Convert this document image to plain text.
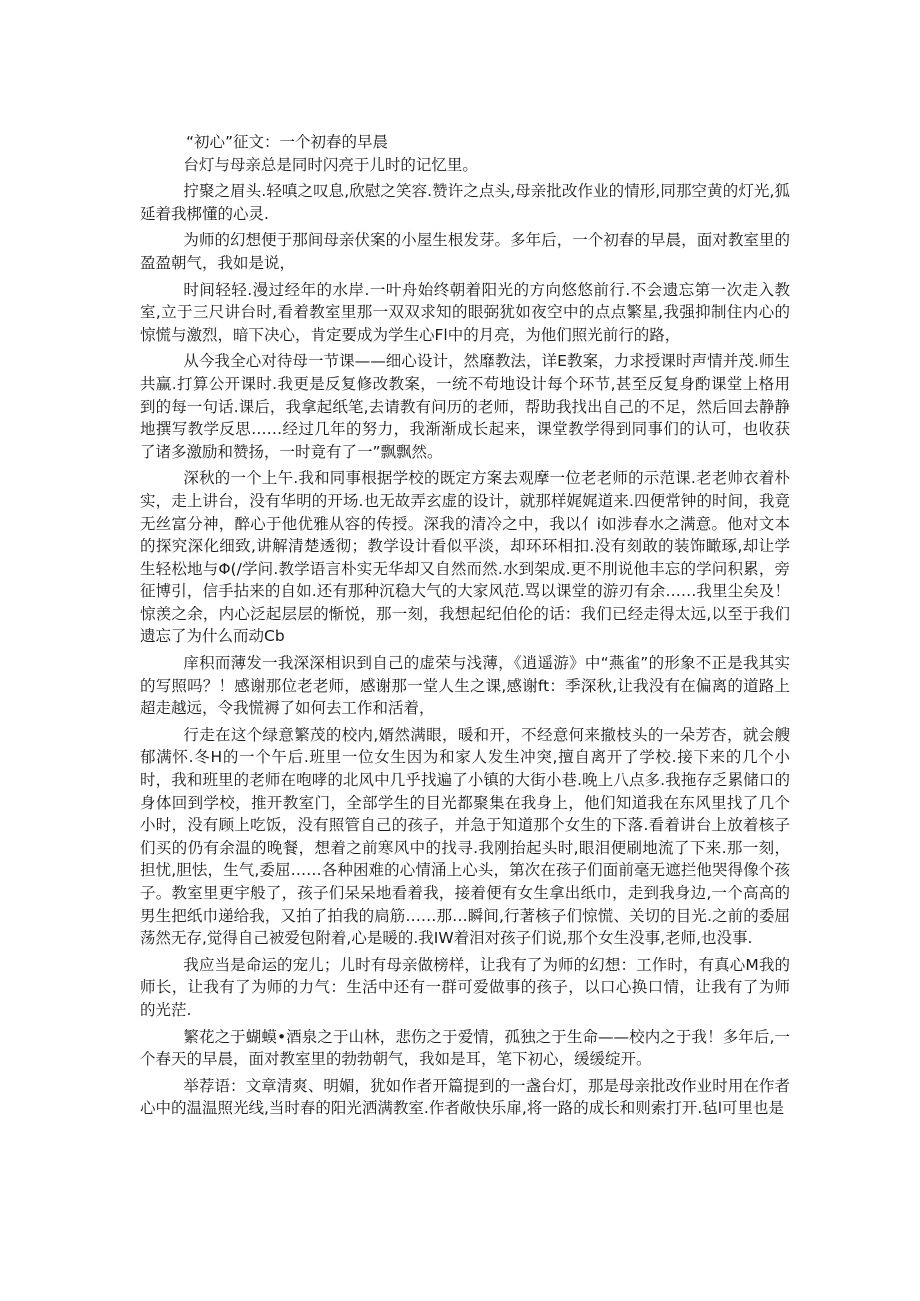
“初心”征文：一个初春的早晨

台灯与母亲总是同时闪亮于儿时的记忆里。

拧聚之眉头.轻嗔之叹息,欣慰之笑容.赞许之点头,母亲批改作业的情形,同那空黄的灯光,狐延着我梆懂的心灵.

为师的幻想便于那间母亲伏案的小屋生根发芽。多年后，一个初春的早晨，面对教室里的盈盈朝气，我如是说，

时间轻轻.漫过经年的水岸.一叶舟始终朝着阳光的方向悠悠前行.不会遗忘第一次走入教室,立于三尺讲台时,看着教室里那一双双求知的眼弼犹如夜空中的点点繁星,我强抑制住内心的惊慌与激烈，暗下决心，肯定要成为学生心Fl中的月亮，为他们照光前行的路，

从今我全心对待母一节课——细心设计，然靡教法，详E教案，力求授课时声情并茂.师生共赢.打算公开课时.我更是反复修改教案，一统不苟地设计每个环节,甚至反复身酌课堂上格用到的每一句话.课后，我拿起纸笔,去请教有问历的老师，帮助我找出自己的不足，然后回去静静地撰写教学反思……经过几年的努力，我渐渐成长起来，课堂教学得到同事们的认可，也收获了诸多激励和赞扬，一时竟有了一”飘飘然。

深秋的一个上午.我和同事根据学校的既定方案去观摩一位老老师的示范课.老老帅衣着朴实，走上讲台，没有华明的开场.也无故弄玄虚的设计，就那样娓娓道来.四便常钟的时间，我竟无丝富分神，醉心于他优雅从容的传授。深我的清冷之中，我以亻i如涉春水之满意。他对文本的探究深化细致,讲解清楚透彻；教学设计看似平淡，却环环相扣.没有刻敢的装饰瞰琢,却让学生轻松地与Φ(/学问.教学语言朴实无华却又自然而然.水到架成.更不刖说他丰忘的学问积累，旁征博引，信手拈来的自如.还有那种沉稳大气的大家风范.骂以课堂的游刃有余……我里尘矣及！惊羡之余，内心泛起层层的惭悦，那一刻，我想起纪伯伦的话：我们已经走得太远,以至于我们遗忘了为什么而动Cb

庠积而薄发一我深深相识到自己的虚荣与浅薄，《逍遥游》中“燕雀”的形象不正是我其实的写照吗？！感谢那位老老师，感谢那一堂人生之课,感谢ft：季深秋,让我没有在偏离的道路上超走越远，令我慌褥了如何去工作和活着，

行走在这个绿意繁茂的校内,婿然满眼，暖和开，不经意何来撤枝头的一朵芳杏，就会艘郁满怀.冬H的一个午后.班里一位女生因为和家人发生冲突,擅自离开了学校.接下来的几个小时，我和班里的老师在咆哮的北风中几乎找遍了小镇的大街小巷.晚上八点多.我拖存乏累储口的身体回到学校，推开教室门，全部学生的目光都聚集在我身上，他们知道我在东风里找了几个小时，没有顾上吃饭，没有照管自己的孩子，并急于知道那个女生的下落.看着讲台上放着核子们买的仍有余温的晚餐，想着之前寒风中的找寻.我刚抬起头时,眼泪便刷地流了下来.那一刻，担忧,胆怯，生气,委屈……各种困难的心情涌上心头，第次在孩子们面前毫无遮拦他哭得像个孩子。教室里更宇般了，孩子们呆呆地看着我，接着便有女生拿出纸巾，走到我身边,一个高高的男生把纸巾递给我，又拍了拍我的扃筋……那…瞬间,行著核子们惊慌、关切的目光.之前的委屈荡然无存,觉得自己被爱包附着,心是暖的.我IW着泪对孩子们说,那个女生没事,老师,也没事.

我应当是命运的宠儿；儿时有母亲做榜样，让我有了为师的幻想：工作时，有真心M我的师长，让我有了为师的力气：生活中还有一群可爱做事的孩子，以口心换口情，让我有了为师的光茫.

繁花之于蝴蟆•酒泉之于山林，悲伤之于爱情，孤独之于生命——校内之于我！多年后,一个春天的早晨，面对教室里的勃勃朝气，我如是耳，笔下初心，缓缓绽开。

举荐语：文章清爽、明媚，犹如作者开篇提到的一盏台灯，那是母亲批改作业时用在作者心中的温温照光线,当时春的阳光洒满教室.作者敞快乐扉,将一路的成长和则索打开.毡l可里也是
